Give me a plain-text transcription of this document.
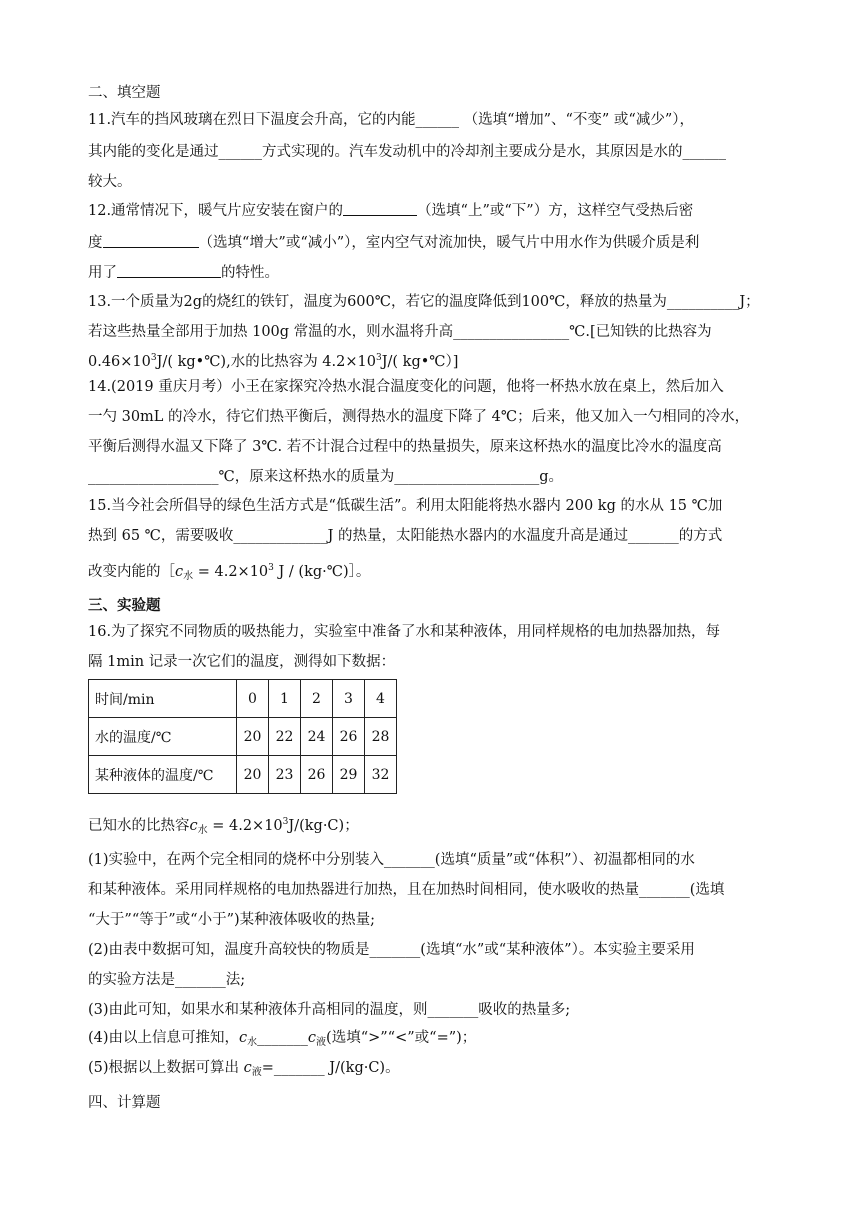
二、填空题
11.汽车的挡风玻璃在烈日下温度会升高，它的内能______ （选填“增加”、“不变” 或“减少”），
其内能的变化是通过______方式实现的。汽车发动机中的冷却剂主要成分是水，其原因是水的______
较大。
12.通常情况下，暖气片应安装在窗户的	（选填“上”或“下”）方，这样空气受热后密
度	（选填“增大”或“减小”），室内空气对流加快，暖气片中用水作为供暖介质是利
用了	的特性。
13.一个质量为2g的烧红的铁钉，温度为600℃，若它的温度降低到100℃，释放的热量为__________J；
若这些热量全部用于加热 100g 常温的水，则水温将升高________________℃.[已知铁的比热容为
$0.46\times 10^3J/$( kg•℃),水的比热容为 $4.2\times 10^3J/$( kg•℃）]
14.(2019 重庆月考）小王在家探究冷热水混合温度变化的问题，他将一杯热水放在桌上，然后加入
一勺 30mL 的冷水，待它们热平衡后，测得热水的温度下降了 4℃；后来，他又加入一勺相同的冷水，
平衡后测得水温又下降了 3℃. 若不计混合过程中的热量损失，原来这杯热水的温度比冷水的温度高
__________________℃，原来这杯热水的质量为____________________g。
15.当今社会所倡导的绿色生活方式是“低碳生活”。利用太阳能将热水器内 200 kg 的水从 15 ℃加
热到 65 ℃，需要吸收_____________J 的热量，太阳能热水器内的水温度升高是通过_______的方式
改变内能的$[c_水 = 4.2\times 10^3$ J / (kg·℃)］。
三、实验题
16.为了探究不同物质的吸热能力，实验室中准备了水和某种液体，用同样规格的电加热器加热，每
隔 1min 记录一次它们的温度，测得如下数据：
时间/min	0	1	2	3	4
水的温度/℃	20	22	24	26	28
某种液体的温度/℃	20	23	26	29	32
已知水的比热容$c_水 = 4.2\times 10^3J/(kg\cdot C)$；
(1)实验中，在两个完全相同的烧杯中分别装入_______(选填“质量”或“体积”）、初温都相同的水
和某种液体。采用同样规格的电加热器进行加热，且在加热时间相同，使水吸收的热量_______(选填
“大于”“等于”或“小于”)某种液体吸收的热量;
(2)由表中数据可知，温度升高较快的物质是_______(选填“水”或“某种液体”）。本实验主要采用
的实验方法是_______法;
(3)由此可知，如果水和某种液体升高相同的温度，则_______吸收的热量多;
(4)由以上信息可推知，$c_水\_\_\_\_\_\_\_c_液$(选填“>”“<”或“=”)；
(5)根据以上数据可算出 $c_液=\_\_\_\_\_\_\_$ J/(kg·C)。
四、计算题
